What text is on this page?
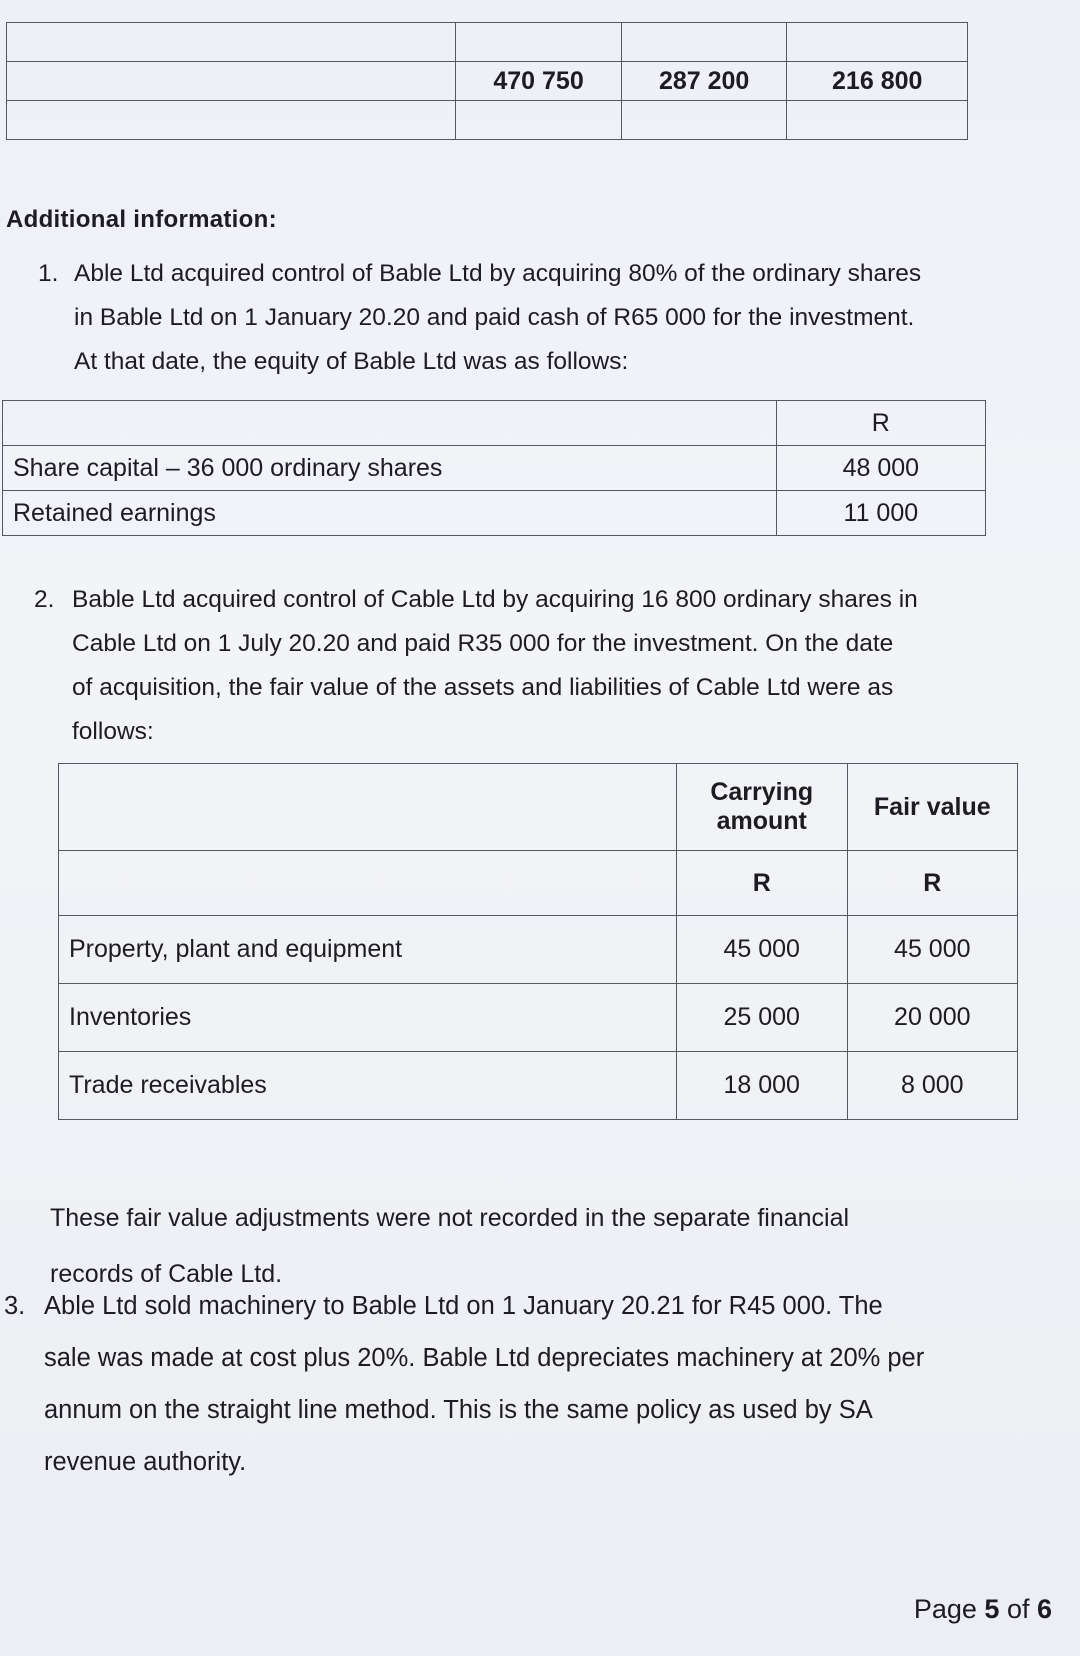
	470 750	287 200	216 800

Additional information:
1. Able Ltd acquired control of Bable Ltd by acquiring 80% of the ordinary shares
in Bable Ltd on 1 January 20.20 and paid cash of R65 000 for the investment.
At that date, the equity of Bable Ltd was as follows:
	R
Share capital – 36 000 ordinary shares	48 000
Retained earnings	11 000
2. Bable Ltd acquired control of Cable Ltd by acquiring 16 800 ordinary shares in
Cable Ltd on 1 July 20.20 and paid R35 000 for the investment. On the date
of acquisition, the fair value of the assets and liabilities of Cable Ltd were as
follows:
	Carrying amount	Fair value
	R	R
Property, plant and equipment	45 000	45 000
Inventories	25 000	20 000
Trade receivables	18 000	8 000
These fair value adjustments were not recorded in the separate financial
records of Cable Ltd.
3. Able Ltd sold machinery to Bable Ltd on 1 January 20.21 for R45 000. The
sale was made at cost plus 20%. Bable Ltd depreciates machinery at 20% per
annum on the straight line method. This is the same policy as used by SA
revenue authority.
Page 5 of 6
